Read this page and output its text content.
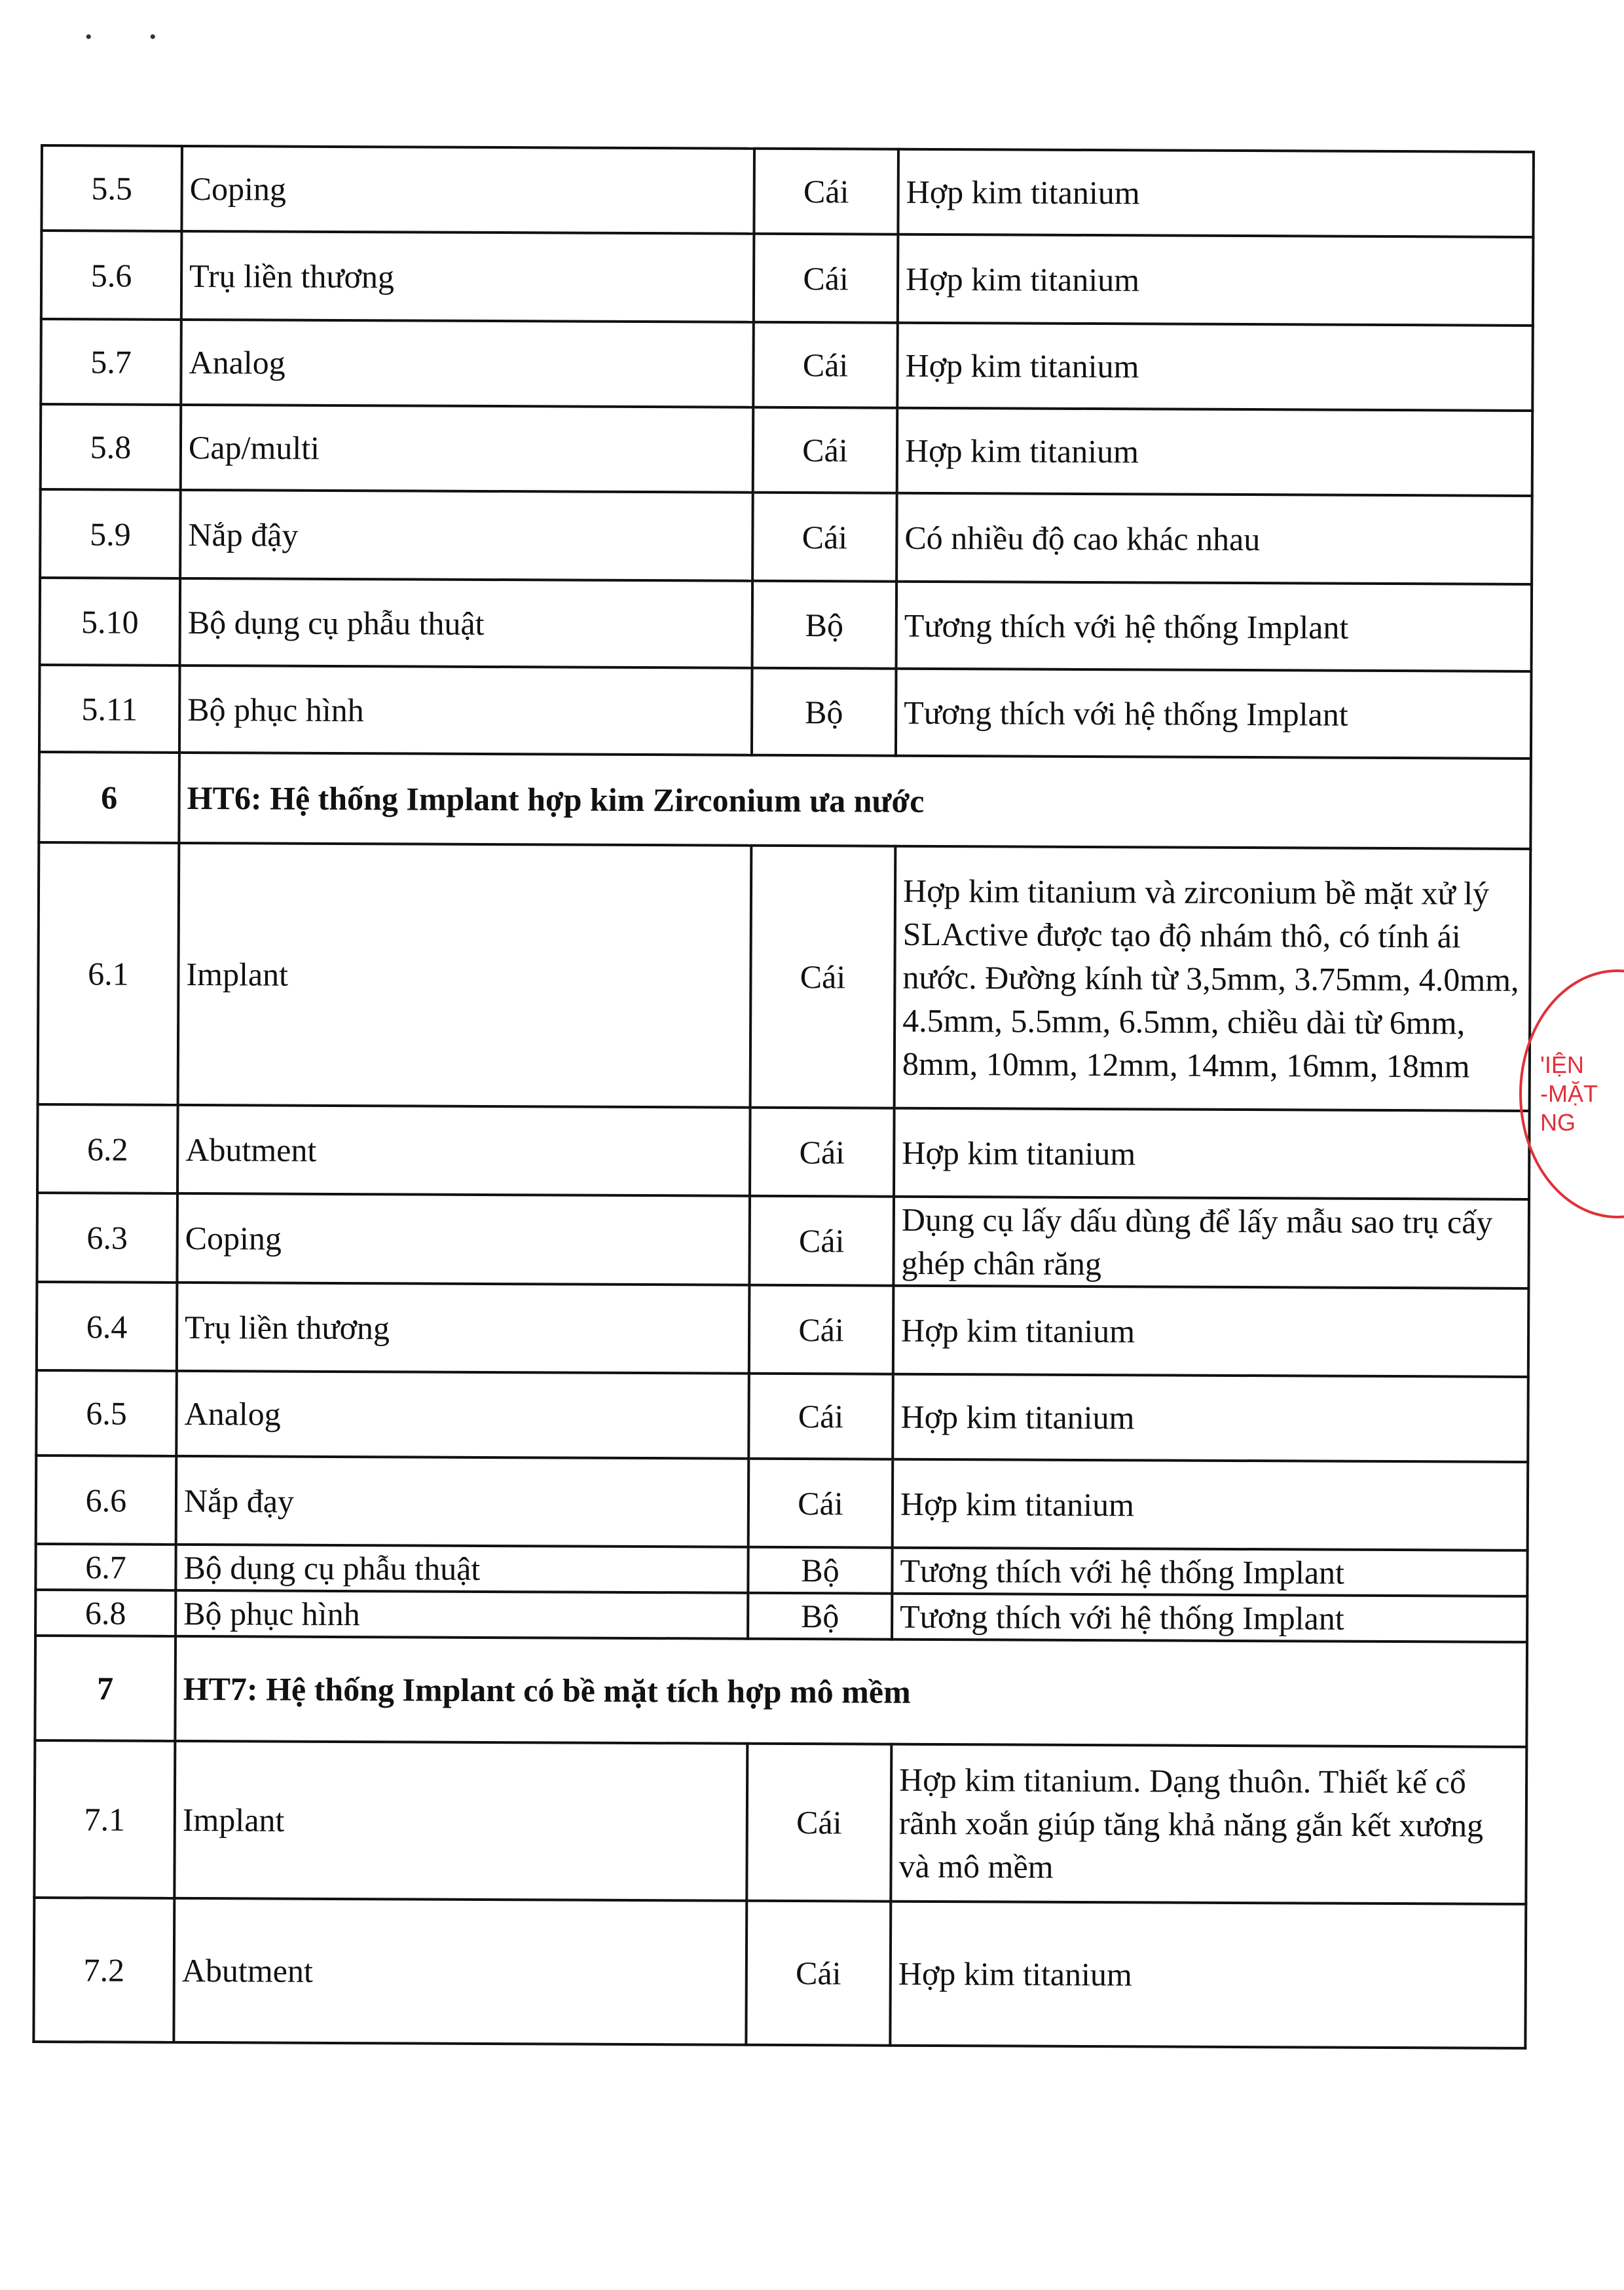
• •
5.5	Coping	Cái	Hợp kim titanium
5.6	Trụ liền thương	Cái	Hợp kim titanium
5.7	Analog	Cái	Hợp kim titanium
5.8	Cap/multi	Cái	Hợp kim titanium
5.9	Nắp đậy	Cái	Có nhiều độ cao khác nhau
5.10	Bộ dụng cụ phẫu thuật	Bộ	Tương thích với hệ thống Implant
5.11	Bộ phục hình	Bộ	Tương thích với hệ thống Implant
6	HT6: Hệ thống Implant hợp kim Zirconium ưa nước		
6.1	Implant	Cái	Hợp kim titanium và zirconium bề mặt xử lý SLActive được tạo độ nhám thô, có tính ái nước. Đường kính từ 3,5mm, 3.75mm, 4.0mm, 4.5mm, 5.5mm, 6.5mm, chiều dài từ 6mm, 8mm, 10mm, 12mm, 14mm, 16mm, 18mm
6.2	Abutment	Cái	Hợp kim titanium
6.3	Coping	Cái	Dụng cụ lấy dấu dùng để lấy mẫu sao trụ cấy ghép chân răng
6.4	Trụ liền thương	Cái	Hợp kim titanium
6.5	Analog	Cái	Hợp kim titanium
6.6	Nắp đạy	Cái	Hợp kim titanium
6.7	Bộ dụng cụ phẫu thuật	Bộ	Tương thích với hệ thống Implant
6.8	Bộ phục hình	Bộ	Tương thích với hệ thống Implant
7	HT7: Hệ thống Implant có bề mặt tích hợp mô mềm		
7.1	Implant	Cái	Hợp kim titanium. Dạng thuôn. Thiết kế cổ rãnh xoắn giúp tăng khả năng gắn kết xương và mô mềm
7.2	Abutment	Cái	Hợp kim titanium
'IỆN
-MẶT
NG
